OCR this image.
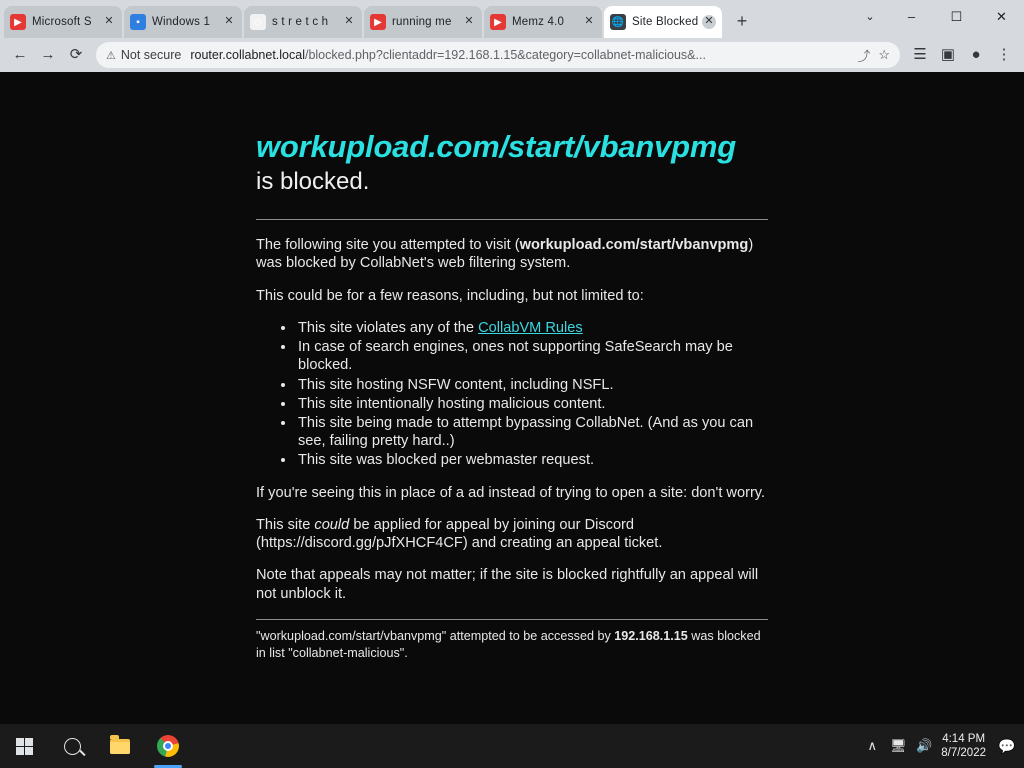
▶ Microsoft S	✕	▪	Windows 1	✕	◇ s t r e t c h	✕	▶ running me	✕	▶ Memz 4.0	✕ 🌐 Site Blocked ✕	+	⌄	–	☐	✕
← → ⟳	⚠ Not secure router.collabnet.local/blocked.php?clientaddr=192.168.1.15&category=collabnet-malicious&...	⤴ ☆	☰ ▣	●	⋮
workupload.com/start/vbanvpmg
is blocked.

The following site you attempted to visit (workupload.com/start/vbanvpmg) was blocked by CollabNet's web filtering system.

This could be for a few reasons, including, but not limited to:

• This site violates any of the CollabVM Rules
• In case of search engines, ones not supporting SafeSearch may be blocked.
• This site hosting NSFW content, including NSFL.
• This site intentionally hosting malicious content.
• This site being made to attempt bypassing CollabNet. (And as you can see, failing pretty hard..)
• This site was blocked per webmaster request.

If you're seeing this in place of a ad instead of trying to open a site: don't worry.

This site could be applied for appeal by joining our Discord (https://discord.gg/pJfXHCF4CF) and creating an appeal ticket.

Note that appeals may not matter; if the site is blocked rightfully an appeal will not unblock it.

"workupload.com/start/vbanvpmg" attempted to be accessed by 192.168.1.15 was blocked in list "collabnet-malicious".
∧ 🖥 🔊 4:14 PM
8/7/2022 💬
